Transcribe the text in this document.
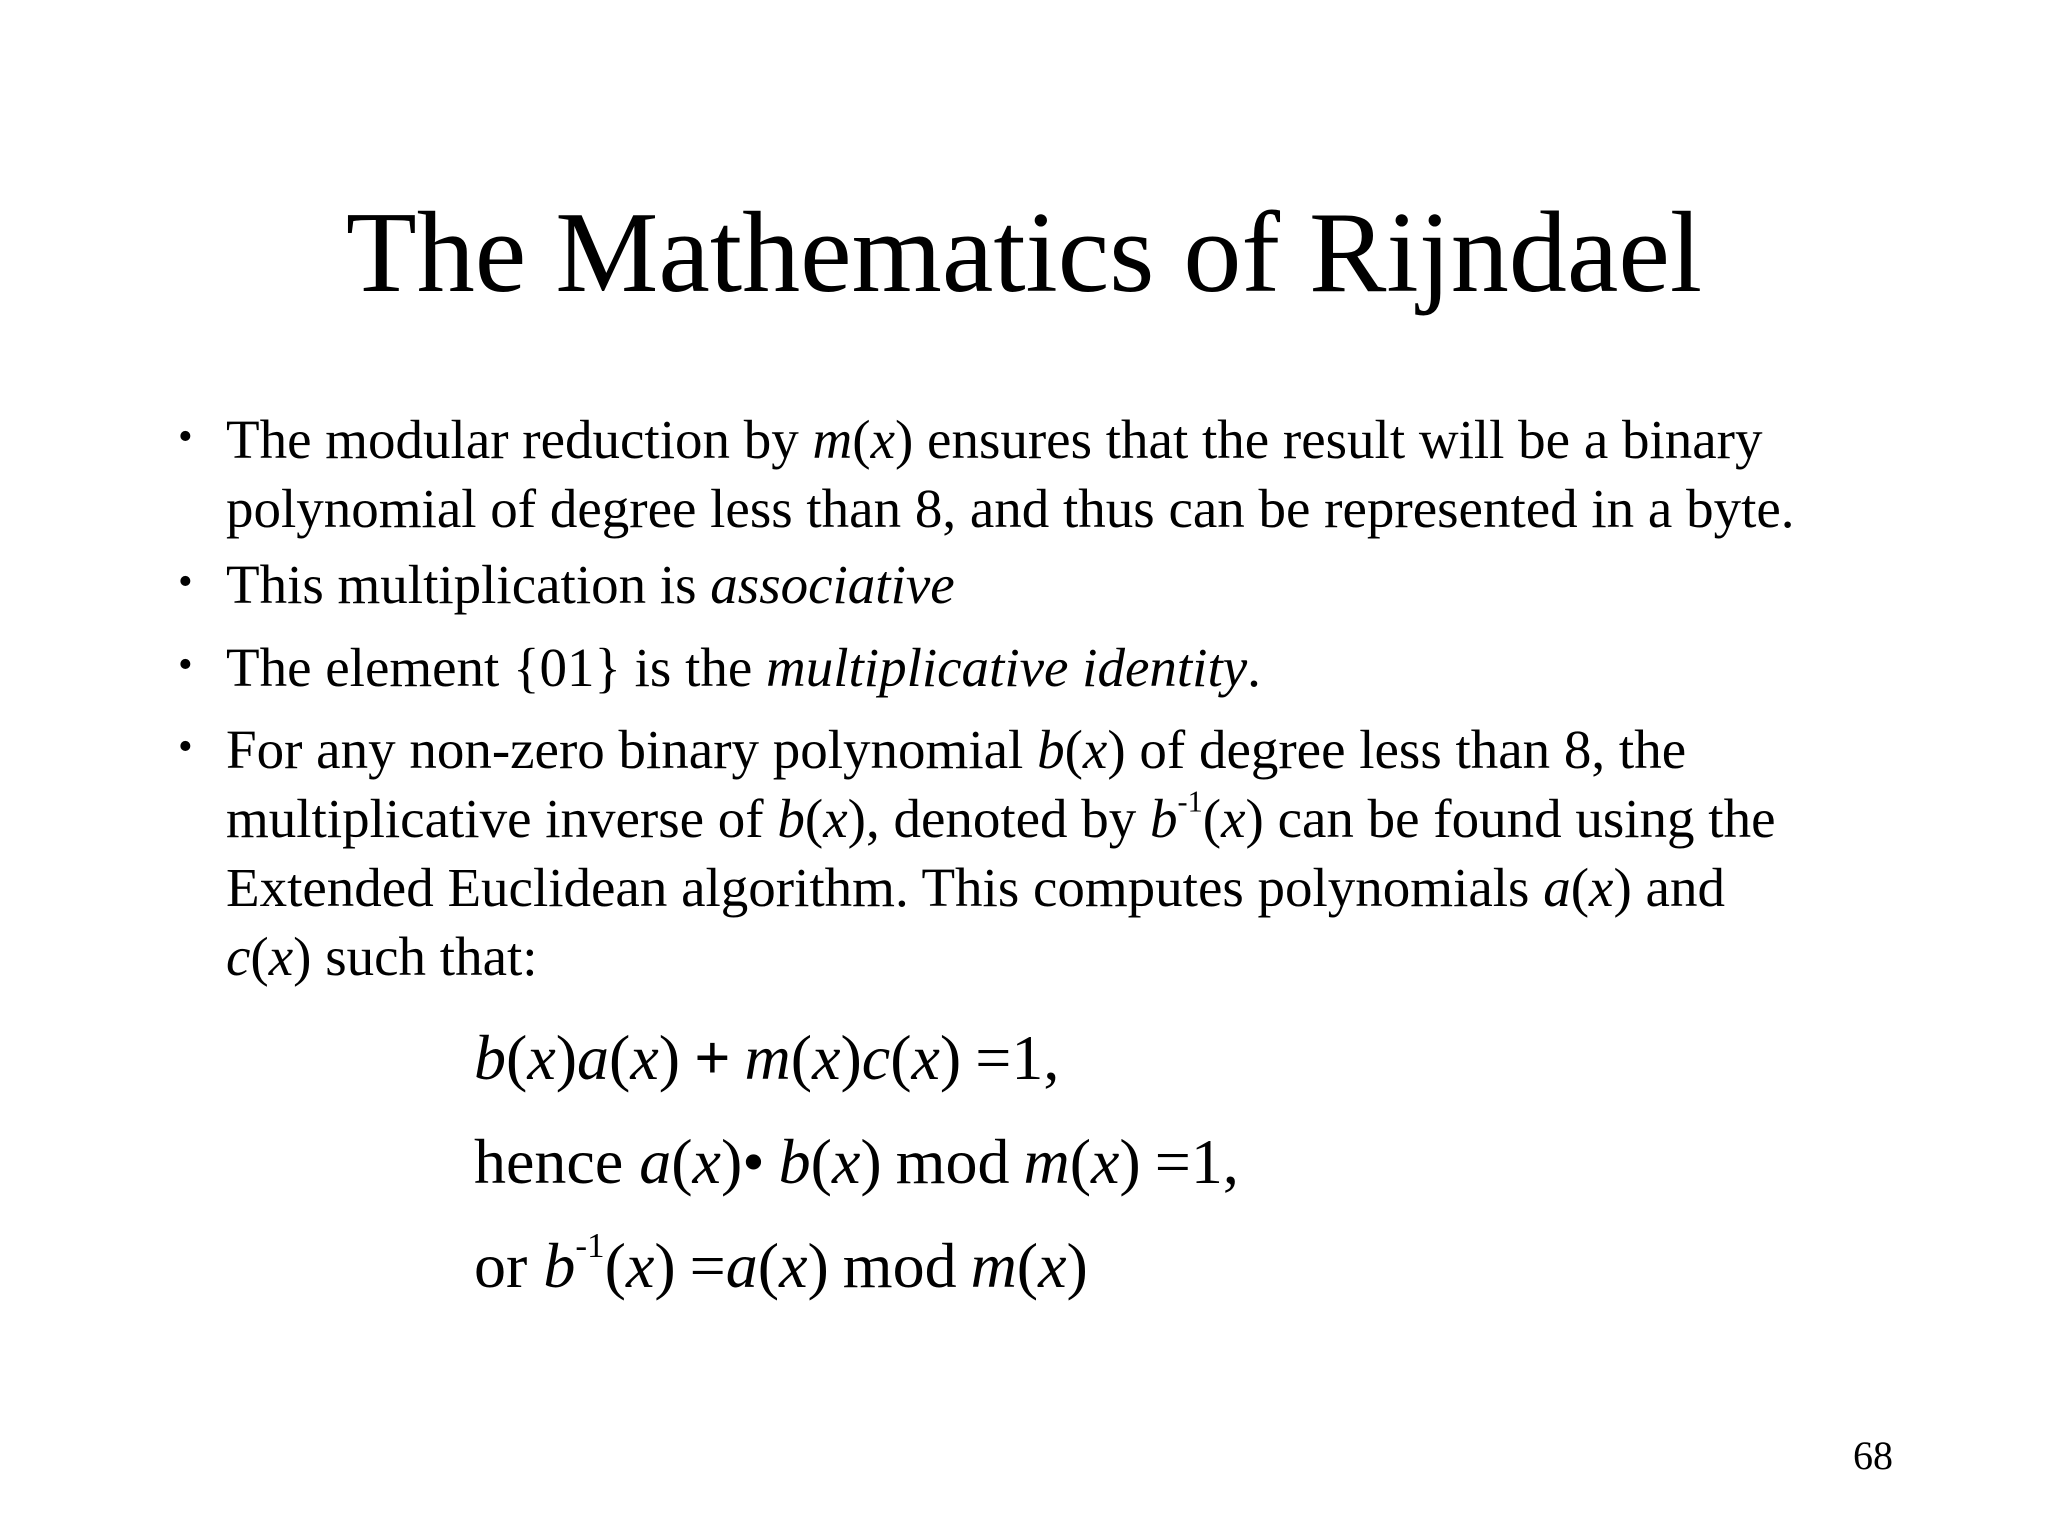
The Mathematics of Rijndael
• The modular reduction by m(x) ensures that the result will be a binary
polynomial of degree less than 8, and thus can be represented in a byte.
• This multiplication is associative
• The element {01} is the multiplicative identity.
• For any non-zero binary polynomial b(x) of degree less than 8, the
multiplicative inverse of b(x), denoted by $b^{-1}(x)$ can be found using the
Extended Euclidean algorithm. This computes polynomials a(x) and
c(x) such that:
b(x)a(x) + m(x)c(x) =1,
hence a(x)• b(x) mod m(x) =1,
or $b^{-1}(x) =a(x)$ mod m(x)
68
